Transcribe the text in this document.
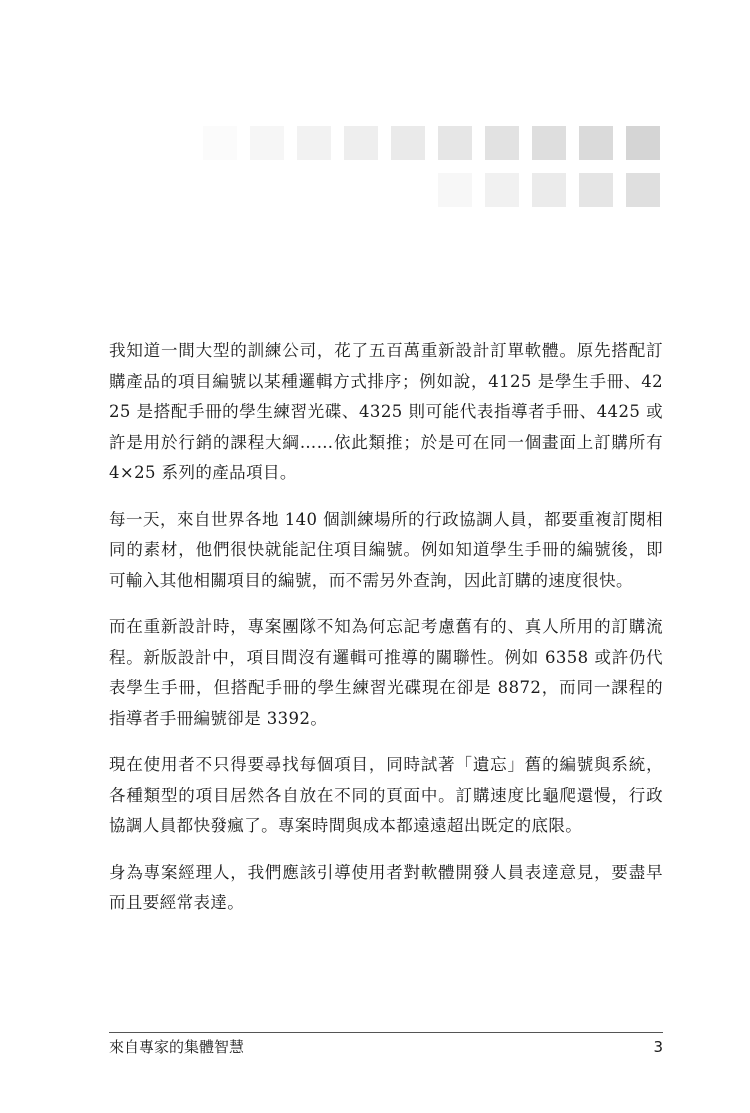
我知道一間大型的訓練公司，花了五百萬重新設計訂單軟體。原先搭配訂購產品的項目編號以某種邏輯方式排序；例如說，4125 是學生手冊、4225 是搭配手冊的學生練習光碟、4325 則可能代表指導者手冊、4425 或許是用於行銷的課程大綱……依此類推；於是可在同一個畫面上訂購所有 4×25 系列的產品項目。

每一天，來自世界各地 140 個訓練場所的行政協調人員，都要重複訂閱相同的素材，他們很快就能記住項目編號。例如知道學生手冊的編號後，即可輸入其他相關項目的編號，而不需另外查詢，因此訂購的速度很快。

而在重新設計時，專案團隊不知為何忘記考慮舊有的、真人所用的訂購流程。新版設計中，項目間沒有邏輯可推導的關聯性。例如 6358 或許仍代表學生手冊，但搭配手冊的學生練習光碟現在卻是 8872，而同一課程的指導者手冊編號卻是 3392。

現在使用者不只得要尋找每個項目，同時試著「遺忘」舊的編號與系統，各種類型的項目居然各自放在不同的頁面中。訂購速度比龜爬還慢，行政協調人員都快發瘋了。專案時間與成本都遠遠超出既定的底限。

身為專案經理人，我們應該引導使用者對軟體開發人員表達意見，要盡早而且要經常表達。

來自專家的集體智慧	3
